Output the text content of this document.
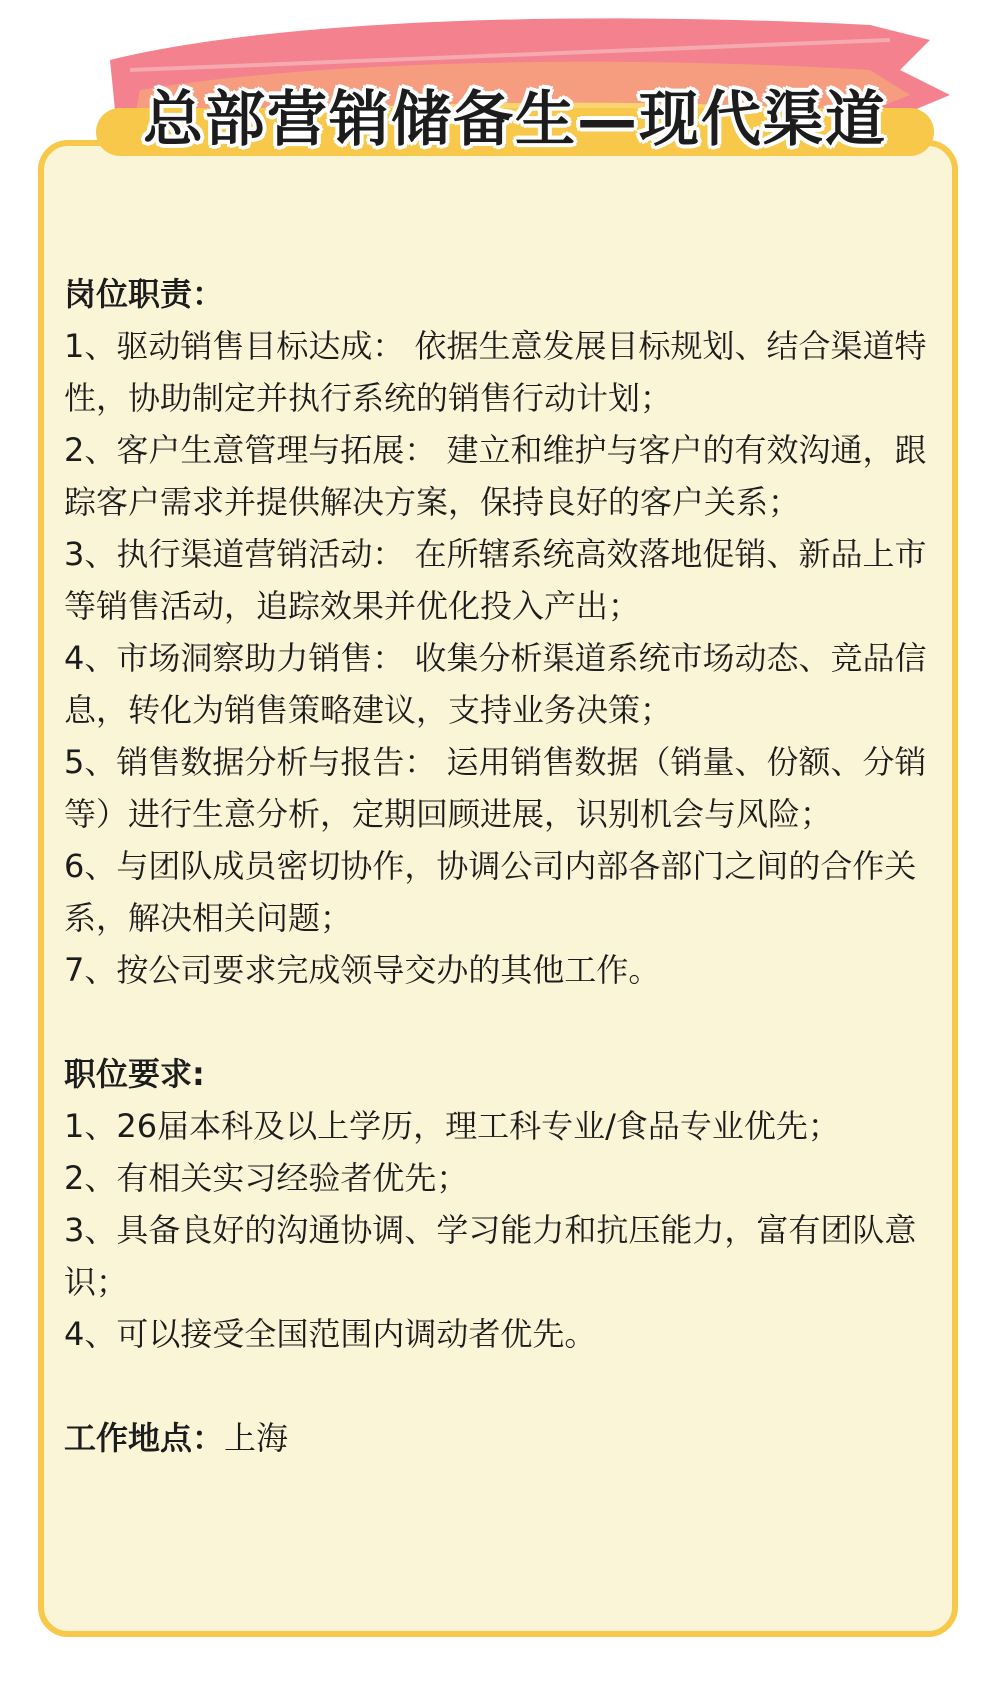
总部营销储备生—现代渠道
岗位职责：

1、驱动销售目标达成： 依据生意发展目标规划、结合渠道特性，协助制定并执行系统的销售行动计划；

2、客户生意管理与拓展： 建立和维护与客户的有效沟通，跟踪客户需求并提供解决方案，保持良好的客户关系；

3、执行渠道营销活动： 在所辖系统高效落地促销、新品上市等销售活动，追踪效果并优化投入产出；

4、市场洞察助力销售： 收集分析渠道系统市场动态、竞品信息，转化为销售策略建议，支持业务决策；

5、销售数据分析与报告： 运用销售数据（销量、份额、分销等）进行生意分析，定期回顾进展，识别机会与风险；

6、与团队成员密切协作，协调公司内部各部门之间的合作关系，解决相关问题；

7、按公司要求完成领导交办的其他工作。

职位要求:

1、26届本科及以上学历，理工科专业/食品专业优先；

2、有相关实习经验者优先；

3、具备良好的沟通协调、学习能力和抗压能力，富有团队意识；

4、可以接受全国范围内调动者优先。

工作地点：上海
